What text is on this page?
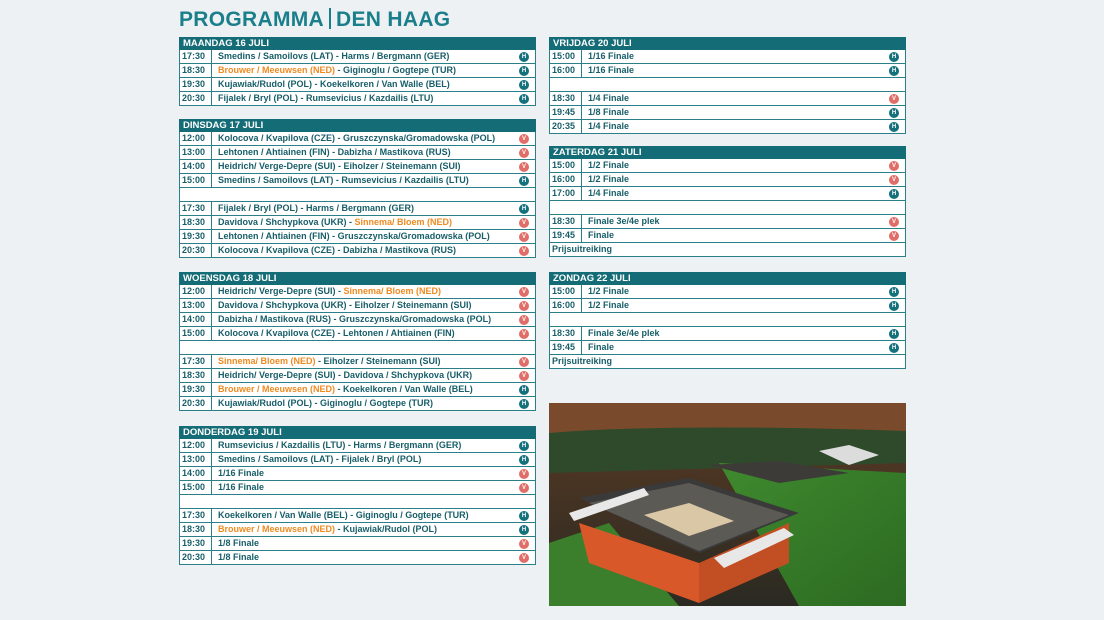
PROGRAMMA DEN HAAG
MAANDAG 16 JULI
17:30	Smedins / Samoilovs (LAT) - Harms / Bergmann (GER)	H
18:30	Brouwer / Meeuwsen (NED) - Giginoglu / Gogtepe (TUR)	H
19:30	Kujawiak/Rudol (POL) - Koekelkoren / Van Walle (BEL)	H
20:30	Fijalek / Bryl (POL) - Rumsevicius / Kazdailis (LTU)	H
DINSDAG 17 JULI
12:00	Kolocova / Kvapilova (CZE) - Gruszczynska/Gromadowska (POL)	V
13:00	Lehtonen / Ahtiainen (FIN) - Dabizha / Mastikova (RUS)	V
14:00	Heidrich/ Verge-Depre (SUI) - Eiholzer / Steinemann (SUI)	V
15:00	Smedins / Samoilovs (LAT) - Rumsevicius / Kazdailis (LTU)	H
17:30	Fijalek / Bryl (POL) - Harms / Bergmann (GER)	H
18:30	Davidova / Shchypkova (UKR) - Sinnema/ Bloem (NED)	V
19:30	Lehtonen / Ahtiainen (FIN) - Gruszczynska/Gromadowska (POL)	V
20:30	Kolocova / Kvapilova (CZE) - Dabizha / Mastikova (RUS)	V
WOENSDAG 18 JULI
12:00	Heidrich/ Verge-Depre (SUI) - Sinnema/ Bloem (NED)	V
13:00	Davidova / Shchypkova (UKR) - Eiholzer / Steinemann (SUI)	V
14:00	Dabizha / Mastikova (RUS) - Gruszczynska/Gromadowska (POL)	V
15:00	Kolocova / Kvapilova (CZE) - Lehtonen / Ahtiainen (FIN)	V
17:30	Sinnema/ Bloem (NED) - Eiholzer / Steinemann (SUI)	V
18:30	Heidrich/ Verge-Depre (SUI) - Davidova / Shchypkova (UKR)	V
19:30	Brouwer / Meeuwsen (NED) - Koekelkoren / Van Walle (BEL)	H
20:30	Kujawiak/Rudol (POL) - Giginoglu / Gogtepe (TUR)	H
DONDERDAG 19 JULI
12:00	Rumsevicius / Kazdailis (LTU) - Harms / Bergmann (GER)	H
13:00	Smedins / Samoilovs (LAT) - Fijalek / Bryl (POL)	H
14:00	1/16 Finale	V
15:00	1/16 Finale	V
17:30	Koekelkoren / Van Walle (BEL) - Giginoglu / Gogtepe (TUR)	H
18:30	Brouwer / Meeuwsen (NED) - Kujawiak/Rudol (POL)	H
19:30	1/8 Finale	V
20:30	1/8 Finale	V
VRIJDAG 20 JULI
15:00	1/16 Finale	H
16:00	1/16 Finale	H
18:30	1/4 Finale	V
19:45	1/8 Finale	H
20:35	1/4 Finale	H
ZATERDAG 21 JULI
15:00	1/2 Finale	V
16:00	1/2 Finale	V
17:00	1/4 Finale	H
18:30	Finale 3e/4e plek	V
19:45	Finale	V
Prijsuitreiking
ZONDAG 22 JULI
15:00	1/2 Finale	H
16:00	1/2 Finale	H
18:30	Finale 3e/4e plek	H
19:45	Finale	H
Prijsuitreiking
